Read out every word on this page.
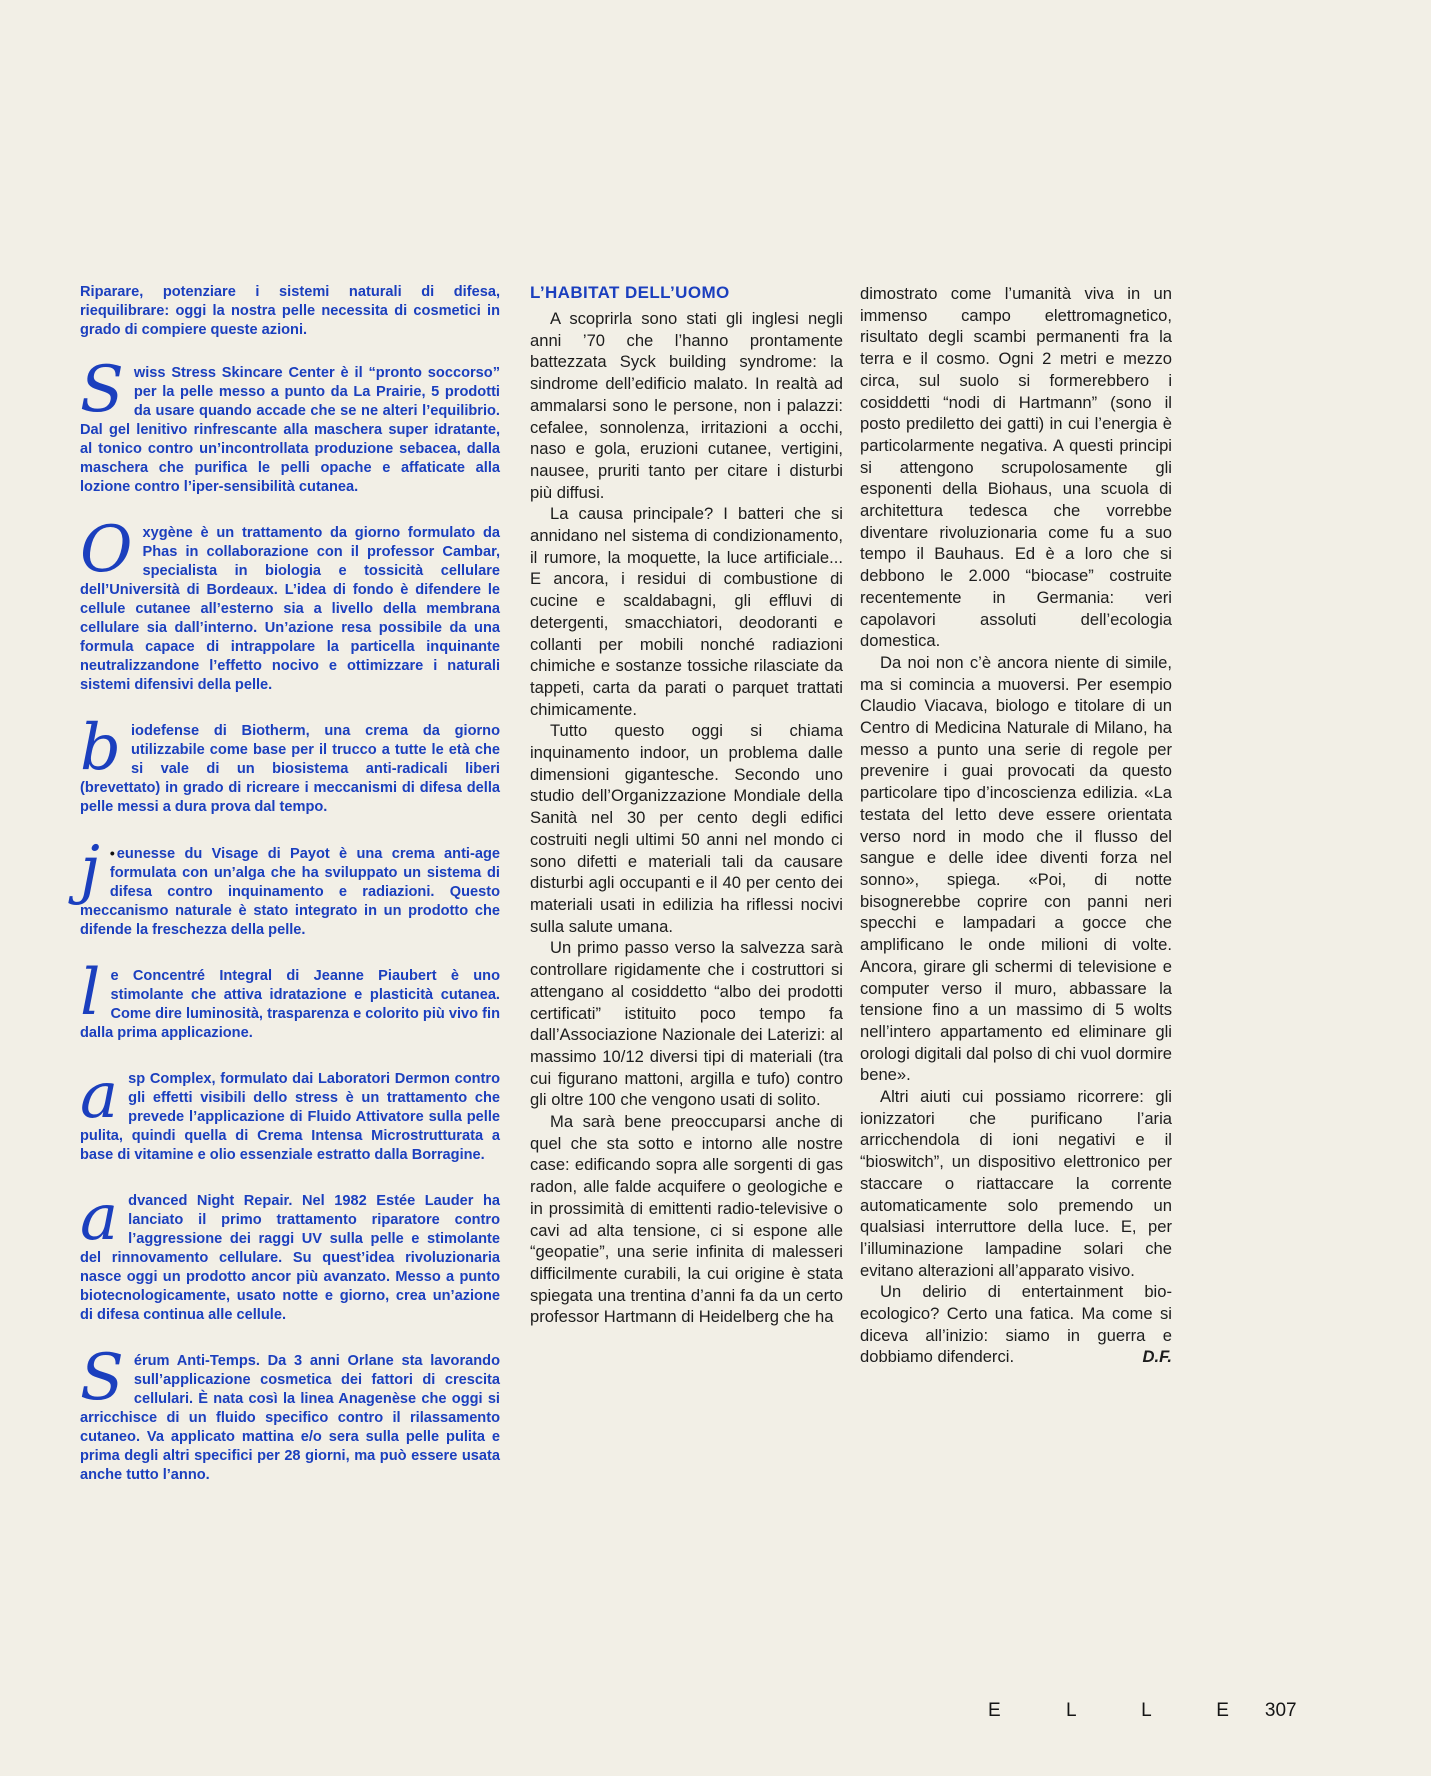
Riparare, potenziare i sistemi naturali di difesa, riequilibrare: oggi la nostra pelle necessita di cosmetici in grado di compiere queste azioni.
Swiss Stress Skincare Center è il “pronto soccorso” per la pelle messo a punto da La Prairie, 5 prodotti da usare quando accade che se ne alteri l’equilibrio. Dal gel lenitivo rinfrescante alla maschera super idratante, al tonico contro un’incontrollata produzione sebacea, dalla maschera che purifica le pelli opache e affaticate alla lozione contro l’iper-sensibilità cutanea.
Oxygène è un trattamento da giorno formulato da Phas in collaborazione con il professor Cambar, specialista in biologia e tossicità cellulare dell’Università di Bordeaux. L’idea di fondo è difendere le cellule cutanee all’esterno sia a livello della membrana cellulare sia dall’interno. Un’azione resa possibile da una formula capace di intrappolare la particella inquinante neutralizzandone l’effetto nocivo e ottimizzare i naturali sistemi difensivi della pelle.
biodefense di Biotherm, una crema da giorno utilizzabile come base per il trucco a tutte le età che si vale di un biosistema anti-radicali liberi (brevettato) in grado di ricreare i meccanismi di difesa della pelle messi a dura prova dal tempo.
j • eunesse du Visage di Payot è una crema anti-age formulata con un’alga che ha sviluppato un sistema di difesa contro inquinamento e radiazioni. Questo meccanismo naturale è stato integrato in un prodotto che difende la freschezza della pelle.
le Concentré Integral di Jeanne Piaubert è uno stimolante che attiva idratazione e plasticità cutanea. Come dire luminosità, trasparenza e colorito più vivo fin dalla prima applicazione.
asp Complex, formulato dai Laboratori Dermon contro gli effetti visibili dello stress è un trattamento che prevede l’applicazione di Fluido Attivatore sulla pelle pulita, quindi quella di Crema Intensa Microstrutturata a base di vitamine e olio essenziale estratto dalla Borragine.
advanced Night Repair. Nel 1982 Estée Lauder ha lanciato il primo trattamento riparatore contro l’aggressione dei raggi UV sulla pelle e stimolante del rinnovamento cellulare. Su quest’idea rivoluzionaria nasce oggi un prodotto ancor più avanzato. Messo a punto biotecnologicamente, usato notte e giorno, crea un’azione di difesa continua alle cellule.
Sérum Anti-Temps. Da 3 anni Orlane sta lavorando sull’applicazione cosmetica dei fattori di crescita cellulari. È nata così la linea Anagenèse che oggi si arricchisce di un fluido specifico contro il rilassamento cutaneo. Va applicato mattina e/o sera sulla pelle pulita e prima degli altri specifici per 28 giorni, ma può essere usata anche tutto l’anno.
L’HABITAT DELL’UOMO

A scoprirla sono stati gli inglesi negli anni ’70 che l’hanno prontamente battezzata Syck building syndrome: la sindrome dell’edificio malato. In realtà ad ammalarsi sono le persone, non i palazzi: cefalee, sonnolenza, irritazioni a occhi, naso e gola, eruzioni cutanee, vertigini, nausee, pruriti tanto per citare i disturbi più diffusi.

La causa principale? I batteri che si annidano nel sistema di condizionamento, il rumore, la moquette, la luce artificiale... E ancora, i residui di combustione di cucine e scaldabagni, gli effluvi di detergenti, smacchiatori, deodoranti e collanti per mobili nonché radiazioni chimiche e sostanze tossiche rilasciate da tappeti, carta da parati o parquet trattati chimicamente.

Tutto questo oggi si chiama inquinamento indoor, un problema dalle dimensioni gigantesche. Secondo uno studio dell’Organizzazione Mondiale della Sanità nel 30 per cento degli edifici costruiti negli ultimi 50 anni nel mondo ci sono difetti e materiali tali da causare disturbi agli occupanti e il 40 per cento dei materiali usati in edilizia ha riflessi nocivi sulla salute umana.

Un primo passo verso la salvezza sarà controllare rigidamente che i costruttori si attengano al cosiddetto “albo dei prodotti certificati” istituito poco tempo fa dall’Associazione Nazionale dei Laterizi: al massimo 10/12 diversi tipi di materiali (tra cui figurano mattoni, argilla e tufo) contro gli oltre 100 che vengono usati di solito.

Ma sarà bene preoccuparsi anche di quel che sta sotto e intorno alle nostre case: edificando sopra alle sorgenti di gas radon, alle falde acquifere o geologiche e in prossimità di emittenti radio-televisive o cavi ad alta tensione, ci si espone alle “geopatie”, una serie infinita di malesseri difficilmente curabili, la cui origine è stata spiegata una trentina d’anni fa da un certo professor Hartmann di Heidelberg che ha

dimostrato come l’umanità viva in un immenso campo elettromagnetico, risultato degli scambi permanenti fra la terra e il cosmo. Ogni 2 metri e mezzo circa, sul suolo si formerebbero i cosiddetti “nodi di Hartmann” (sono il posto prediletto dei gatti) in cui l’energia è particolarmente negativa. A questi principi si attengono scrupolosamente gli esponenti della Biohaus, una scuola di architettura tedesca che vorrebbe diventare rivoluzionaria come fu a suo tempo il Bauhaus. Ed è a loro che si debbono le 2.000 “biocase” costruite recentemente in Germania: veri capolavori assoluti dell’ecologia domestica.

Da noi non c’è ancora niente di simile, ma si comincia a muoversi. Per esempio Claudio Viacava, biologo e titolare di un Centro di Medicina Naturale di Milano, ha messo a punto una serie di regole per prevenire i guai provocati da questo particolare tipo d’incoscienza edilizia. «La testata del letto deve essere orientata verso nord in modo che il flusso del sangue e delle idee diventi forza nel sonno», spiega. «Poi, di notte bisognerebbe coprire con panni neri specchi e lampadari a gocce che amplificano le onde milioni di volte. Ancora, girare gli schermi di televisione e computer verso il muro, abbassare la tensione fino a un massimo di 5 wolts nell’intero appartamento ed eliminare gli orologi digitali dal polso di chi vuol dormire bene».

Altri aiuti cui possiamo ricorrere: gli ionizzatori che purificano l’aria arricchendola di ioni negativi e il “bioswitch”, un dispositivo elettronico per staccare o riattaccare la corrente automaticamente solo premendo un qualsiasi interruttore della luce. E, per l’illuminazione lampadine solari che evitano alterazioni all’apparato visivo.

Un delirio di entertainment bio-ecologico? Certo una fatica. Ma come si diceva all’inizio: siamo in guerra e dobbiamo difenderci.	D.F.

E L L E 307
